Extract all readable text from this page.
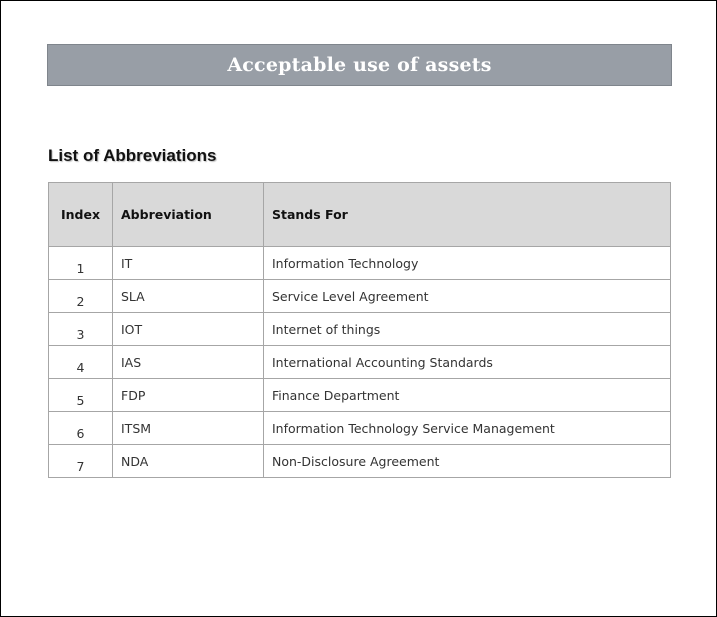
Acceptable use of assets
List of Abbreviations
Index	Abbreviation	Stands For
1	IT	Information Technology
2	SLA	Service Level Agreement
3	IOT	Internet of things
4	IAS	International Accounting Standards
5	FDP	Finance Department
6	ITSM	Information Technology Service Management
7	NDA	Non-Disclosure Agreement
